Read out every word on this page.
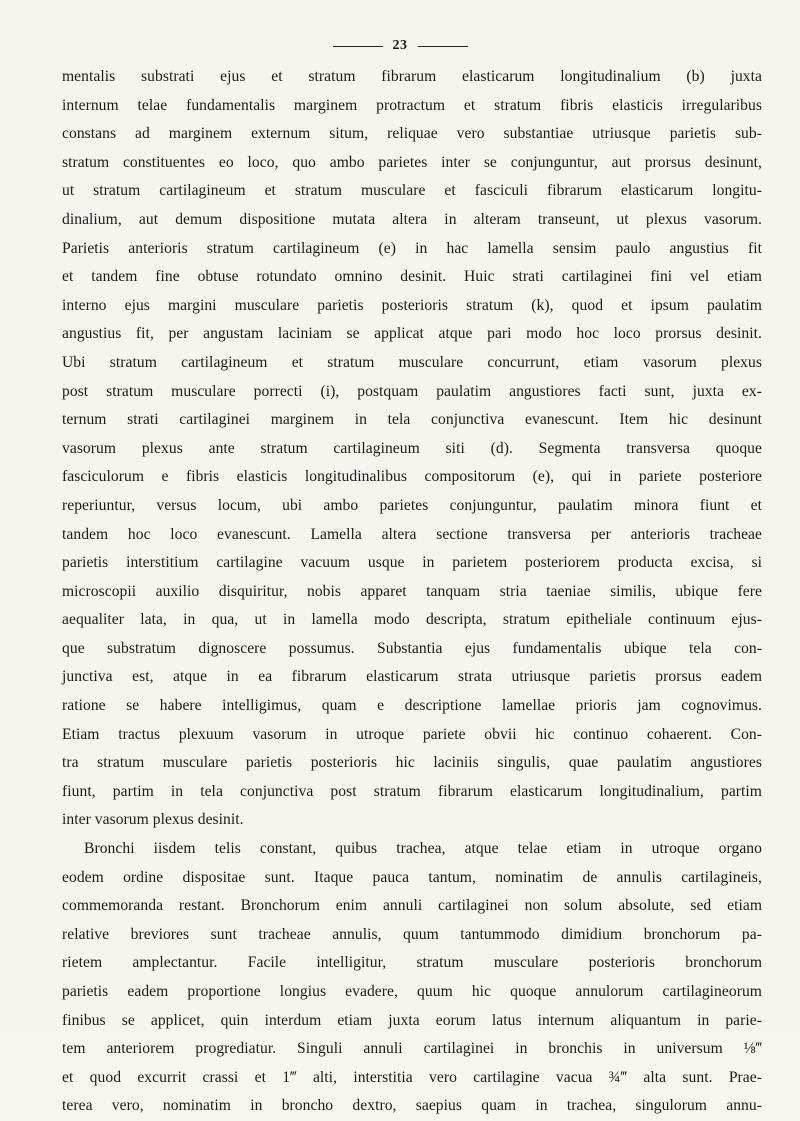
23
mentalis substrati ejus et stratum fibrarum elasticarum longitudinalium (b) juxta
internum telae fundamentalis marginem protractum et stratum fibris elasticis irregularibus
constans ad marginem externum situm, reliquae vero substantiae utriusque parietis sub-
stratum constituentes eo loco, quo ambo parietes inter se conjunguntur, aut prorsus desinunt,
ut stratum cartilagineum et stratum musculare et fasciculi fibrarum elasticarum longitu-
dinalium, aut demum dispositione mutata altera in alteram transeunt, ut plexus vasorum.
Parietis anterioris stratum cartilagineum (e) in hac lamella sensim paulo angustius fit
et tandem fine obtuse rotundato omnino desinit. Huic strati cartilaginei fini vel etiam
interno ejus margini musculare parietis posterioris stratum (k), quod et ipsum paulatim
angustius fit, per angustam laciniam se applicat atque pari modo hoc loco prorsus desinit.
Ubi stratum cartilagineum et stratum musculare concurrunt, etiam vasorum plexus
post stratum musculare porrecti (i), postquam paulatim angustiores facti sunt, juxta ex-
ternum strati cartilaginei marginem in tela conjunctiva evanescunt. Item hic desinunt
vasorum plexus ante stratum cartilagineum siti (d). Segmenta transversa quoque
fasciculorum e fibris elasticis longitudinalibus compositorum (e), qui in pariete posteriore
reperiuntur, versus locum, ubi ambo parietes conjunguntur, paulatim minora fiunt et
tandem hoc loco evanescunt. Lamella altera sectione transversa per anterioris tracheae
parietis interstitium cartilagine vacuum usque in parietem posteriorem producta excisa, si
microscopii auxilio disquiritur, nobis apparet tanquam stria taeniae similis, ubique fere
aequaliter lata, in qua, ut in lamella modo descripta, stratum epitheliale continuum ejus-
que substratum dignoscere possumus. Substantia ejus fundamentalis ubique tela con-
junctiva est, atque in ea fibrarum elasticarum strata utriusque parietis prorsus eadem
ratione se habere intelligimus, quam e descriptione lamellae prioris jam cognovimus.
Etiam tractus plexuum vasorum in utroque pariete obvii hic continuo cohaerent. Con-
tra stratum musculare parietis posterioris hic laciniis singulis, quae paulatim angustiores
fiunt, partim in tela conjunctiva post stratum fibrarum elasticarum longitudinalium, partim
inter vasorum plexus desinit.
Bronchi iisdem telis constant, quibus trachea, atque telae etiam in utroque organo
eodem ordine dispositae sunt. Itaque pauca tantum, nominatim de annulis cartilagineis,
commemoranda restant. Bronchorum enim annuli cartilaginei non solum absolute, sed etiam
relative breviores sunt tracheae annulis, quum tantummodo dimidium bronchorum pa-
rietem amplectantur. Facile intelligitur, stratum musculare posterioris bronchorum
parietis eadem proportione longius evadere, quum hic quoque annulorum cartilagineorum
finibus se applicet, quin interdum etiam juxta eorum latus internum aliquantum in parie-
tem anteriorem progrediatur. Singuli annuli cartilaginei in bronchis in universum ⅛‴
et quod excurrit crassi et 1‴ alti, interstitia vero cartilagine vacua ¾‴ alta sunt. Prae-
terea vero, nominatim in broncho dextro, saepius quam in trachea, singulorum annu-
